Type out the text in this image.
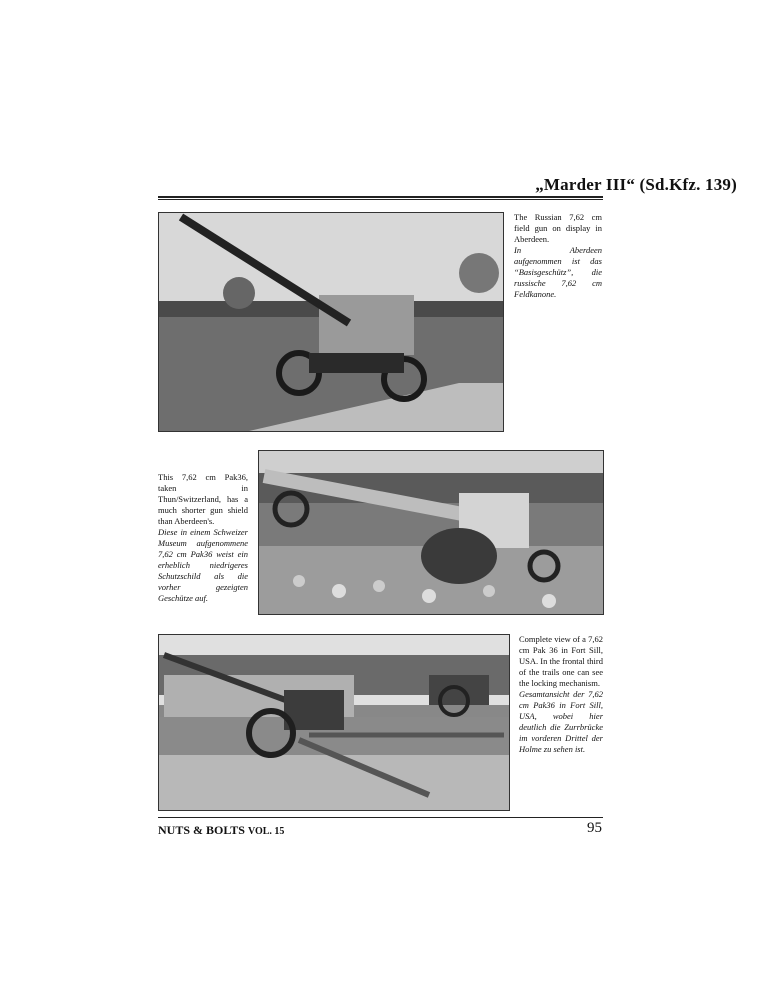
„Marder III“ (Sd.Kfz. 139)

The Russian 7,62 cm field gun on display in Aberdeen.

In Aberdeen aufgenommen ist das “Basisgeschütz”, die russische 7,62 cm Feldkanone.

This 7,62 cm Pak36, taken in Thun/Switzerland, has a much shorter gun shield than Aberdeen's.

Diese in einem Schweizer Museum aufgenommene 7,62 cm Pak36 weist ein erheblich niedrigeres Schutzschild als die vorher gezeigten Geschütze auf.

Complete view of a 7,62 cm Pak 36 in Fort Sill, USA. In the frontal third of the trails one can see the locking mechanism.

Gesamtansicht der 7,62 cm Pak36 in Fort Sill, USA, wobei hier deutlich die Zurrbrücke im vorderen Drittel der Holme zu sehen ist.

NUTS & BOLTS VOL. 15	95
